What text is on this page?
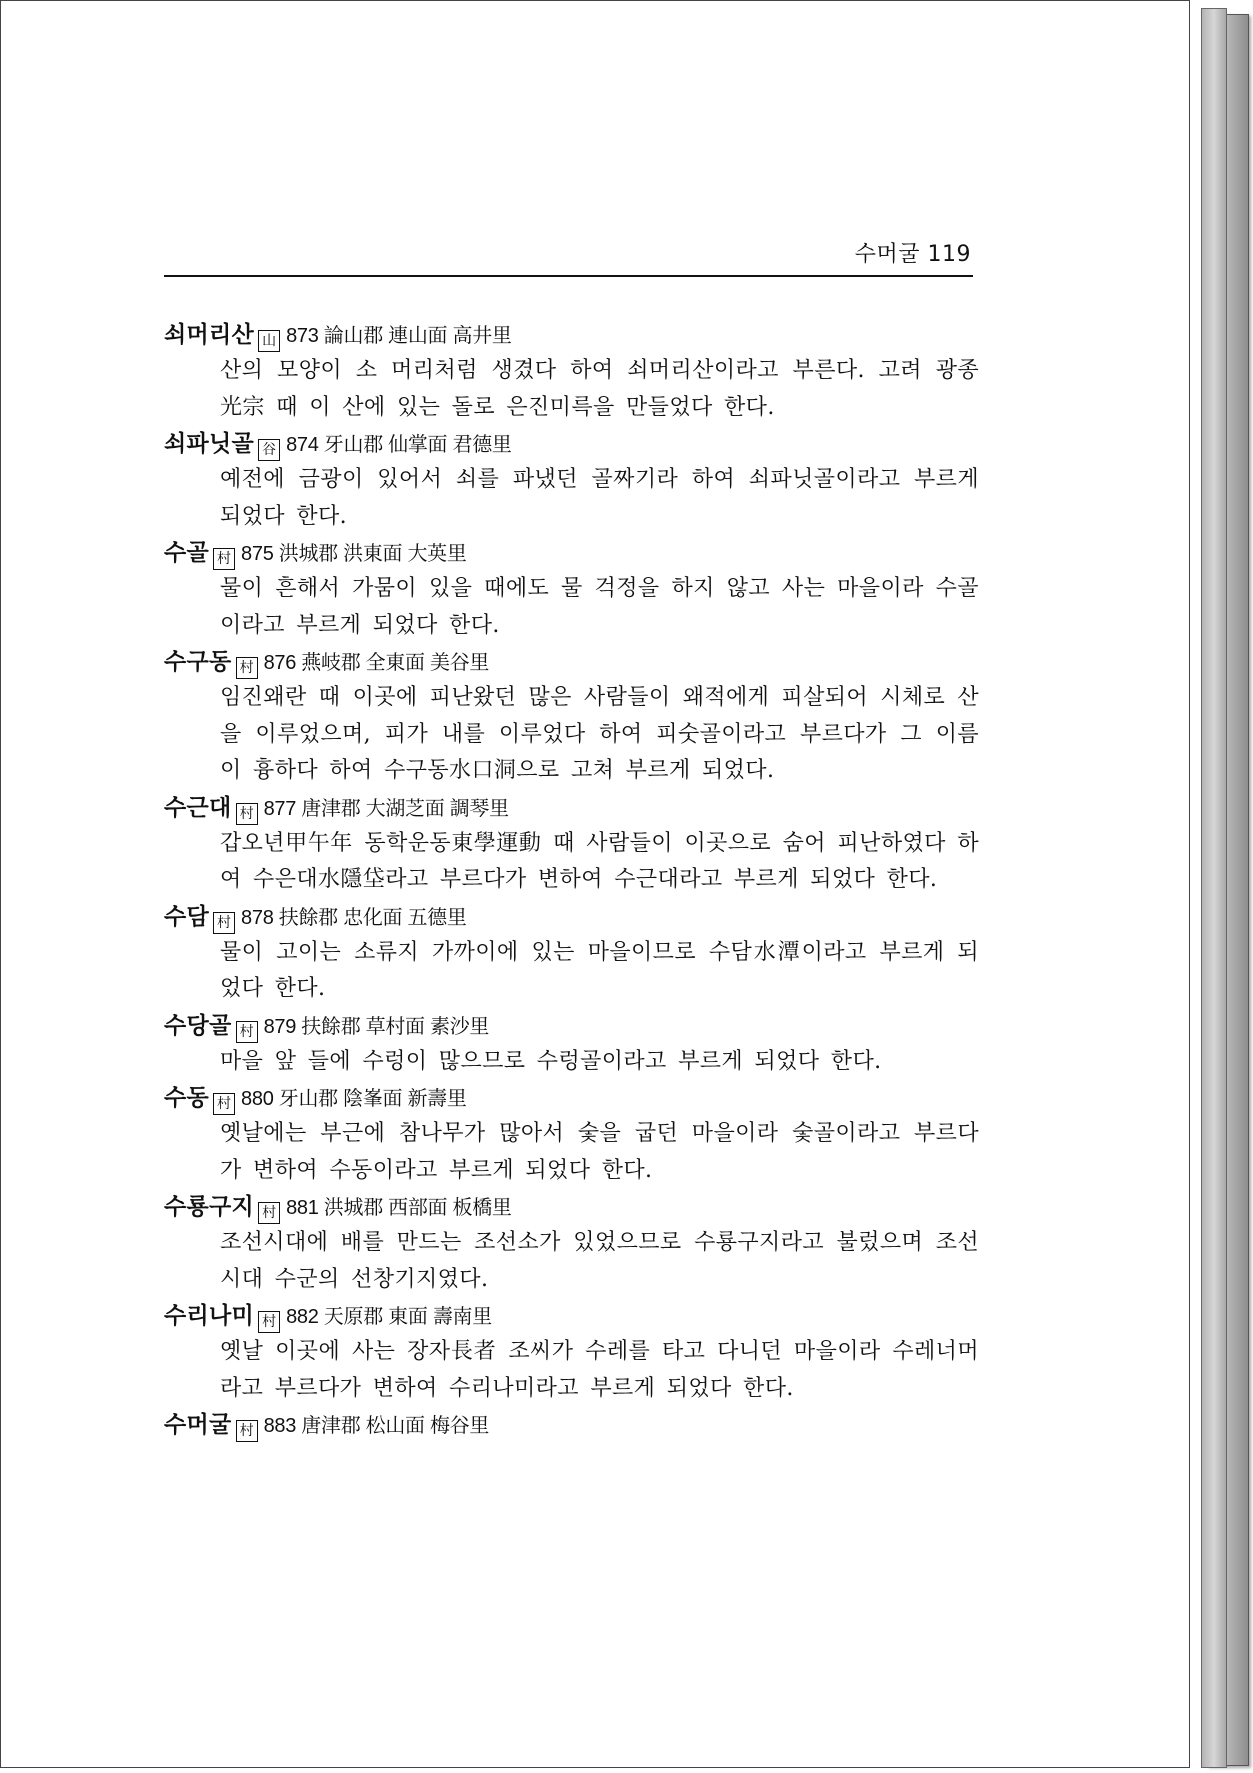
수머굴 119
쇠머리산 山 873 論山郡 連山面 高井里
산의 모양이 소 머리처럼 생겼다 하여 쇠머리산이라고 부른다. 고려 광종光宗 때 이 산에 있는 돌로 은진미륵을 만들었다 한다.
쇠파닛골 谷 874 牙山郡 仙掌面 君德里
예전에 금광이 있어서 쇠를 파냈던 골짜기라 하여 쇠파닛골이라고 부르게 되었다 한다.
수골 村 875 洪城郡 洪東面 大英里
물이 흔해서 가뭄이 있을 때에도 물 걱정을 하지 않고 사는 마을이라 수골이라고 부르게 되었다 한다.
수구동 村 876 燕岐郡 全東面 美谷里
임진왜란 때 이곳에 피난왔던 많은 사람들이 왜적에게 피살되어 시체로 산을 이루었으며, 피가 내를 이루었다 하여 피숫골이라고 부르다가 그 이름이 흉하다 하여 수구동水口洞으로 고쳐 부르게 되었다.
수근대 村 877 唐津郡 大湖芝面 調琴里
갑오년甲午年 동학운동東學運動 때 사람들이 이곳으로 숨어 피난하였다 하여 수은대水隱垈라고 부르다가 변하여 수근대라고 부르게 되었다 한다.
수담 村 878 扶餘郡 忠化面 五德里
물이 고이는 소류지 가까이에 있는 마을이므로 수담水潭이라고 부르게 되었다 한다.
수당골 村 879 扶餘郡 草村面 素沙里
마을 앞 들에 수렁이 많으므로 수렁골이라고 부르게 되었다 한다.
수동 村 880 牙山郡 陰峯面 新壽里
옛날에는 부근에 참나무가 많아서 숯을 굽던 마을이라 숯골이라고 부르다가 변하여 수동이라고 부르게 되었다 한다.
수룡구지 村 881 洪城郡 西部面 板橋里
조선시대에 배를 만드는 조선소가 있었으므로 수룡구지라고 불렀으며 조선시대 수군의 선창기지였다.
수리나미 村 882 天原郡 東面 壽南里
옛날 이곳에 사는 장자長者 조씨가 수레를 타고 다니던 마을이라 수레너머라고 부르다가 변하여 수리나미라고 부르게 되었다 한다.
수머굴 村 883 唐津郡 松山面 梅谷里
